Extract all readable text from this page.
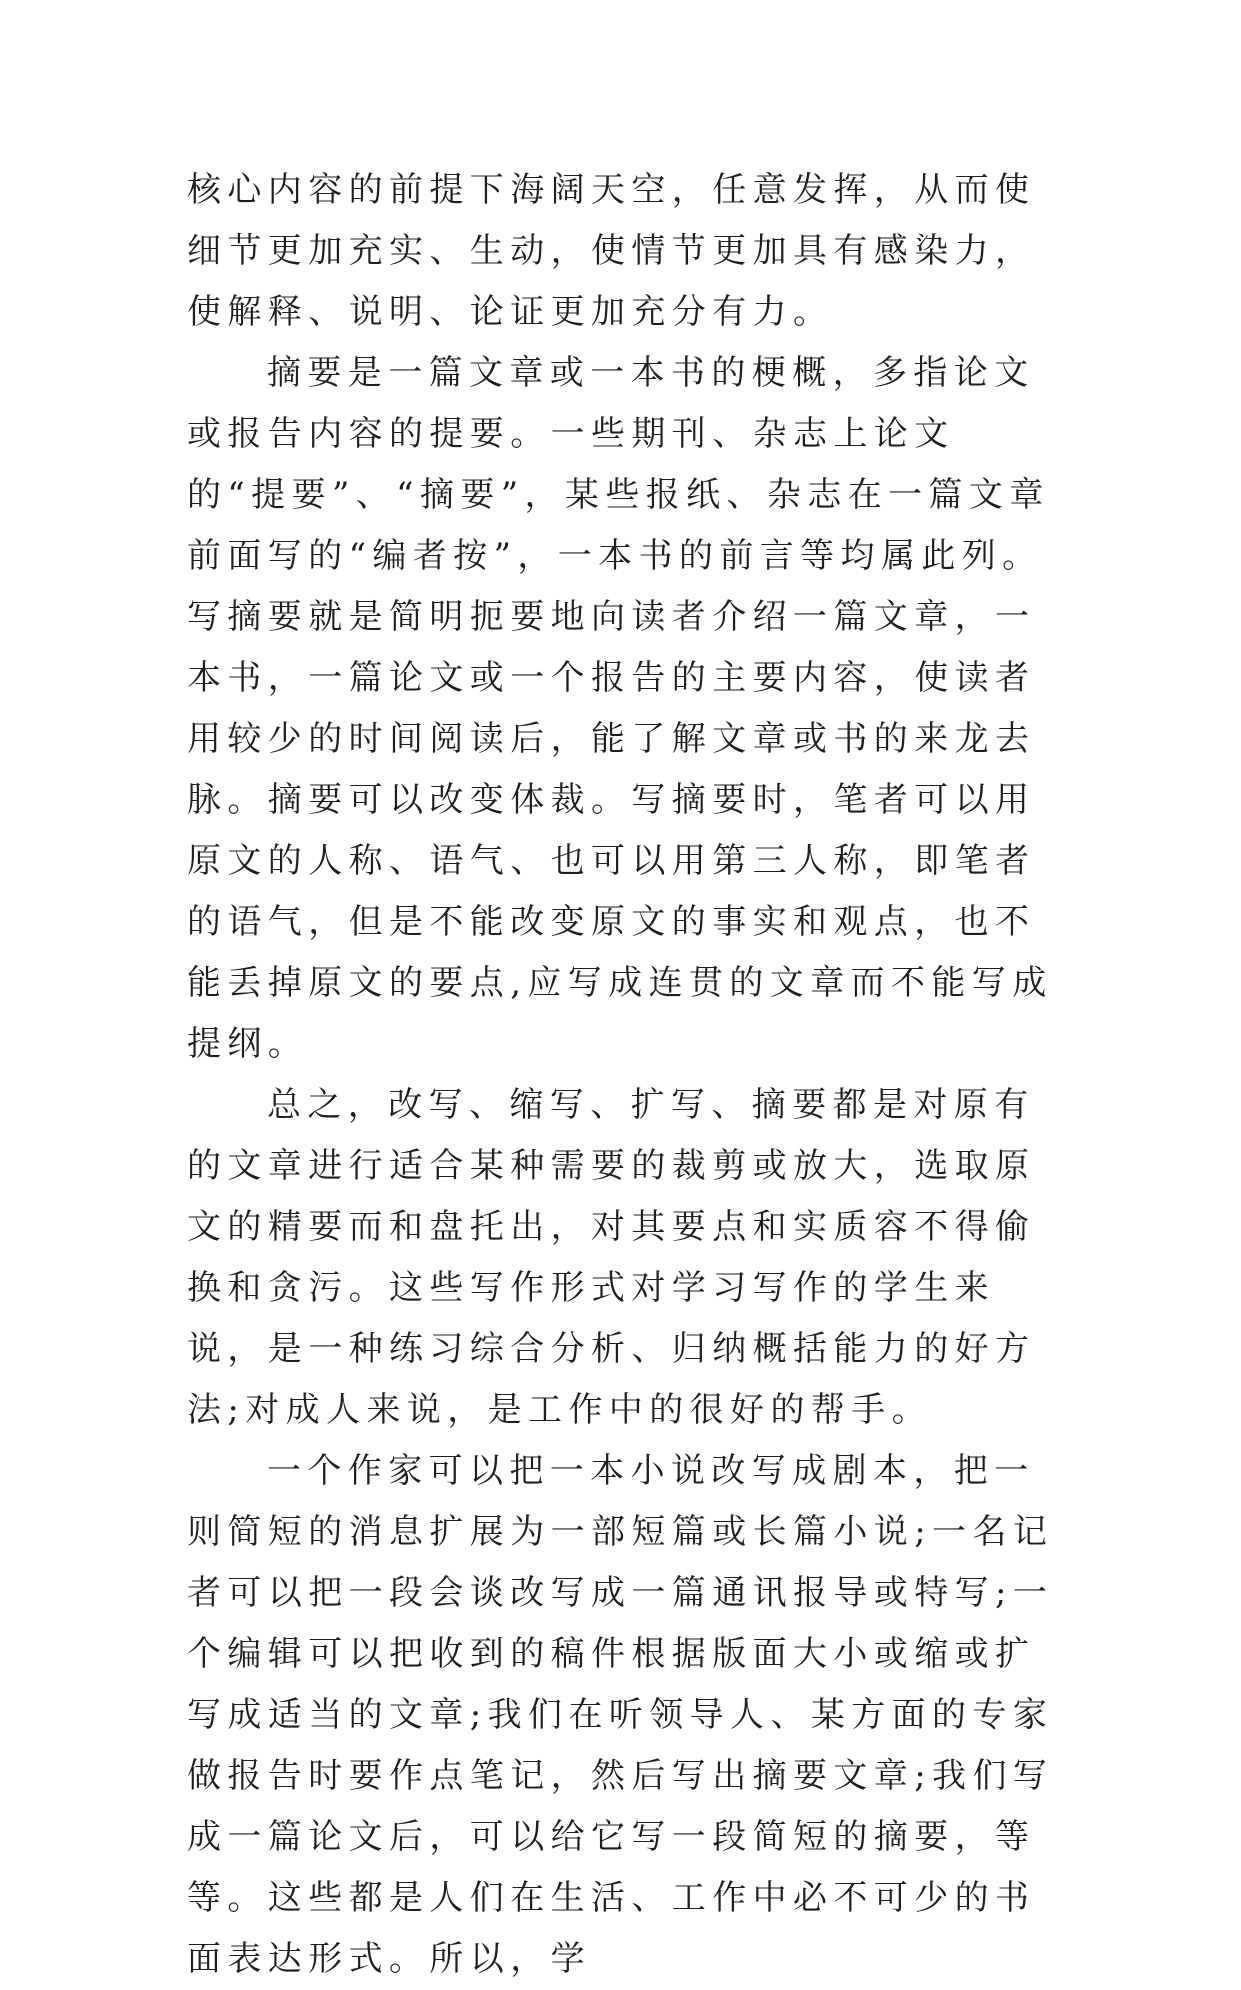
核心内容的前提下海阔天空，任意发挥，从而使细节更加充实、生动，使情节更加具有感染力，使解释、说明、论证更加充分有力。

摘要是一篇文章或一本书的梗概，多指论文或报告内容的提要。一些期刊、杂志上论文的“提要”、“摘要”，某些报纸、杂志在一篇文章前面写的“编者按”，一本书的前言等均属此列。写摘要就是简明扼要地向读者介绍一篇文章，一本书，一篇论文或一个报告的主要内容，使读者用较少的时间阅读后，能了解文章或书的来龙去脉。摘要可以改变体裁。写摘要时，笔者可以用原文的人称、语气、也可以用第三人称，即笔者的语气，但是不能改变原文的事实和观点，也不能丢掉原文的要点,应写成连贯的文章而不能写成提纲。

总之，改写、缩写、扩写、摘要都是对原有的文章进行适合某种需要的裁剪或放大，选取原文的精要而和盘托出，对其要点和实质容不得偷换和贪污。这些写作形式对学习写作的学生来说，是一种练习综合分析、归纳概括能力的好方法;对成人来说，是工作中的很好的帮手。

一个作家可以把一本小说改写成剧本，把一则简短的消息扩展为一部短篇或长篇小说;一名记者可以把一段会谈改写成一篇通讯报导或特写;一个编辑可以把收到的稿件根据版面大小或缩或扩写成适当的文章;我们在听领导人、某方面的专家做报告时要作点笔记，然后写出摘要文章;我们写成一篇论文后，可以给它写一段简短的摘要，等等。这些都是人们在生活、工作中必不可少的书面表达形式。所以，学
